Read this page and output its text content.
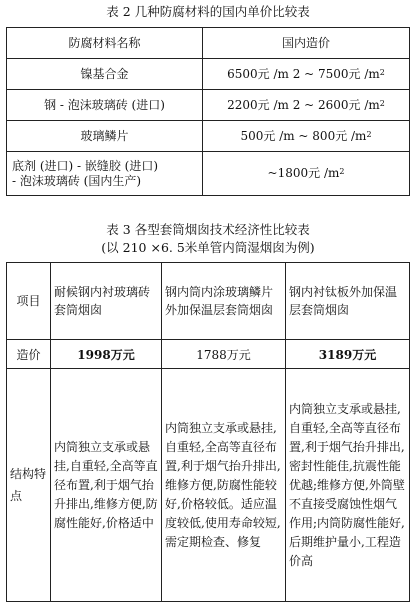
表 2 几种防腐材料的国内单价比较表
防腐材料名称	国内造价
镍基合金	6500元 /m 2 ~ 7500元 $/m^2$
钢 - 泡沫玻璃砖 (进口)	2200元 /m 2 ~ 2600元 $/m^2$
玻璃鳞片	500元 /m ~ 800元 $/m^2$

底剂 (进口) - 嵌缝胶 (进口)
- 泡沫玻璃砖 (国内生产)	~1800元 $/m^2$
表 3 各型套筒烟囱技术经济性比较表
(以 210 ×6. 5米单管内筒湿烟囱为例)
项目	耐候钢内衬玻璃砖套筒烟囱	钢内筒内涂玻璃鳞片外加保温层套筒烟囱	钢内衬钛板外加保温层套筒烟囱
造价	1998万元	1788万元	3189万元
结构特点	内筒独立支承或悬挂,自重轻,全高等直径布置,利于烟气抬升排出,维修方便,防腐性能好,价格适中	内筒独立支承或悬挂,自重轻,全高等直径布置,利于烟气抬升排出,维修方便,防腐性能较好,价格较低。适应温度较低,使用寿命较短,需定期检查、修复	内筒独立支承或悬挂,自重轻,全高等直径布置,利于烟气抬升排出,密封性能佳,抗震性能优越;维修方便,外筒壁不直接受腐蚀性烟气作用;内筒防腐性能好,后期维护量小,工程造价高
